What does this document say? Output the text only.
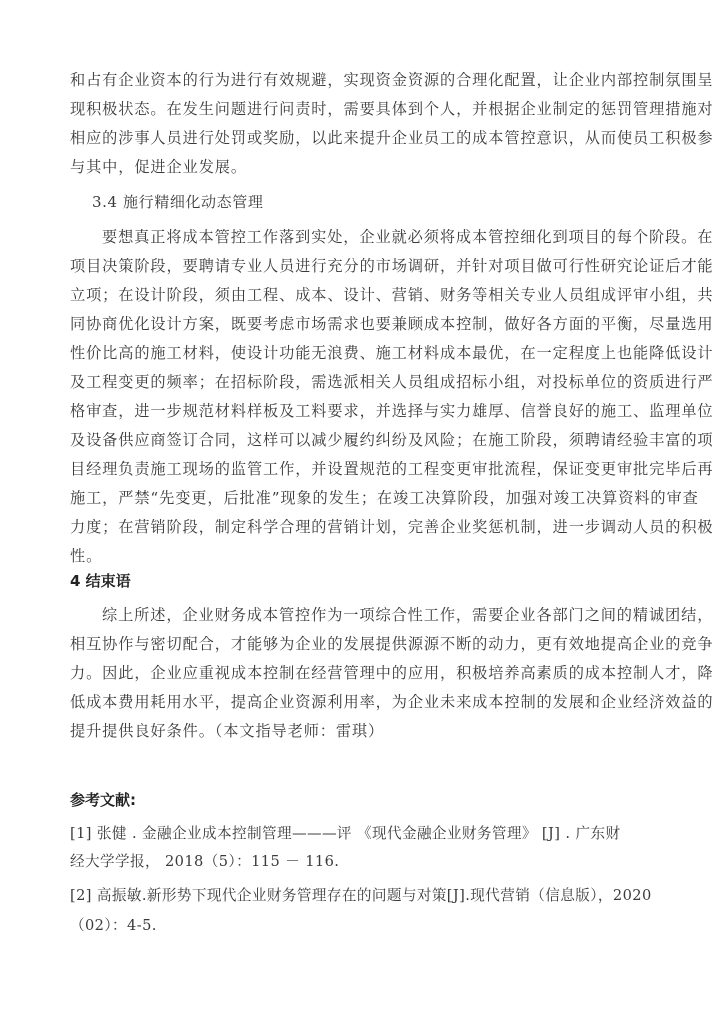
和占有企业资本的行为进行有效规避，实现资金资源的合理化配置，让企业内部控制氛围呈
现积极状态。在发生问题进行问责时，需要具体到个人，并根据企业制定的惩罚管理措施对
相应的涉事人员进行处罚或奖励，以此来提升企业员工的成本管控意识，从而使员工积极参
与其中，促进企业发展。
3.4 施行精细化动态管理
要想真正将成本管控工作落到实处，企业就必须将成本管控细化到项目的每个阶段。在
项目决策阶段，要聘请专业人员进行充分的市场调研，并针对项目做可行性研究论证后才能
立项；在设计阶段，须由工程、成本、设计、营销、财务等相关专业人员组成评审小组，共
同协商优化设计方案，既要考虑市场需求也要兼顾成本控制，做好各方面的平衡，尽量选用
性价比高的施工材料，使设计功能无浪费、施工材料成本最优，在一定程度上也能降低设计
及工程变更的频率；在招标阶段，需选派相关人员组成招标小组，对投标单位的资质进行严
格审查，进一步规范材料样板及工料要求，并选择与实力雄厚、信誉良好的施工、监理单位
及设备供应商签订合同，这样可以减少履约纠纷及风险；在施工阶段，须聘请经验丰富的项
目经理负责施工现场的监管工作，并设置规范的工程变更审批流程，保证变更审批完毕后再
施工，严禁“先变更，后批准”现象的发生；在竣工决算阶段，加强对竣工决算资料的审查
力度；在营销阶段，制定科学合理的营销计划，完善企业奖惩机制，进一步调动人员的积极
性。
4 结束语
综上所述，企业财务成本管控作为一项综合性工作，需要企业各部门之间的精诚团结，
相互协作与密切配合，才能够为企业的发展提供源源不断的动力，更有效地提高企业的竞争
力。因此，企业应重视成本控制在经营管理中的应用，积极培养高素质的成本控制人才，降
低成本费用耗用水平，提高企业资源利用率，为企业未来成本控制的发展和企业经济效益的
提升提供良好条件。（本文指导老师：雷琪）
参考文献:
[1] 张健 . 金融企业成本控制管理———评 《现代金融企业财务管理》 [J] . 广东财
经大学学报， 2018（5）：115 － 116.
[2] 高振敏.新形势下现代企业财务管理存在的问题与对策[J].现代营销（信息版），2020
（02）：4-5.
